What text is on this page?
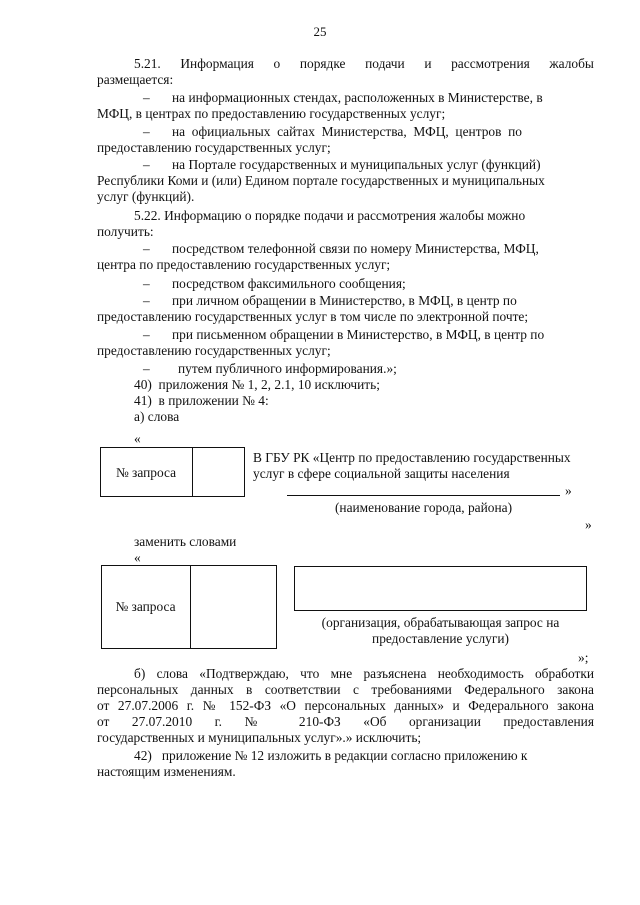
25
5.21. Информация о порядке подачи и рассмотрения жалобы
размещается:
– на информационных стендах, расположенных в Министерстве, в
МФЦ, в центрах по предоставлению государственных услуг;
– на  официальных  сайтах  Министерства,  МФЦ,  центров  по
предоставлению государственных услуг;
– на Портале государственных и муниципальных услуг (функций)
Республики Коми и (или) Едином портале государственных и муниципальных
услуг (функций).
5.22. Информацию о порядке подачи и рассмотрения жалобы можно
получить:
– посредством телефонной связи по номеру Министерства, МФЦ,
центра по предоставлению государственных услуг;
– посредством факсимильного сообщения;
– при личном обращении в Министерство, в МФЦ, в центр по
предоставлению государственных услуг в том числе по электронной почте;
– при письменном обращении в Министерство, в МФЦ, в центр по
предоставлению государственных услуг;
– путем публичного информирования.»;
40)  приложения № 1, 2, 2.1, 10 исключить;
41)  в приложении № 4:
а) слова
«
№ запроса
В ГБУ РК «Центр по предоставлению государственных
услуг в сфере социальной защиты населения
»
(наименование города, района)
»
заменить словами
«
№ запроса
(организация, обрабатывающая запрос на
предоставление услуги)
»;
б) слова «Подтверждаю, что мне разъяснена необходимость обработки
персональных данных в соответствии с требованиями Федерального закона
от 27.07.2006 г. № 152-ФЗ «О персональных данных» и Федерального закона
от 27.07.2010 г. № 210-ФЗ «Об организации предоставления
государственных и муниципальных услуг».» исключить;
42)   приложение № 12 изложить в редакции согласно приложению к
настоящим изменениям.
